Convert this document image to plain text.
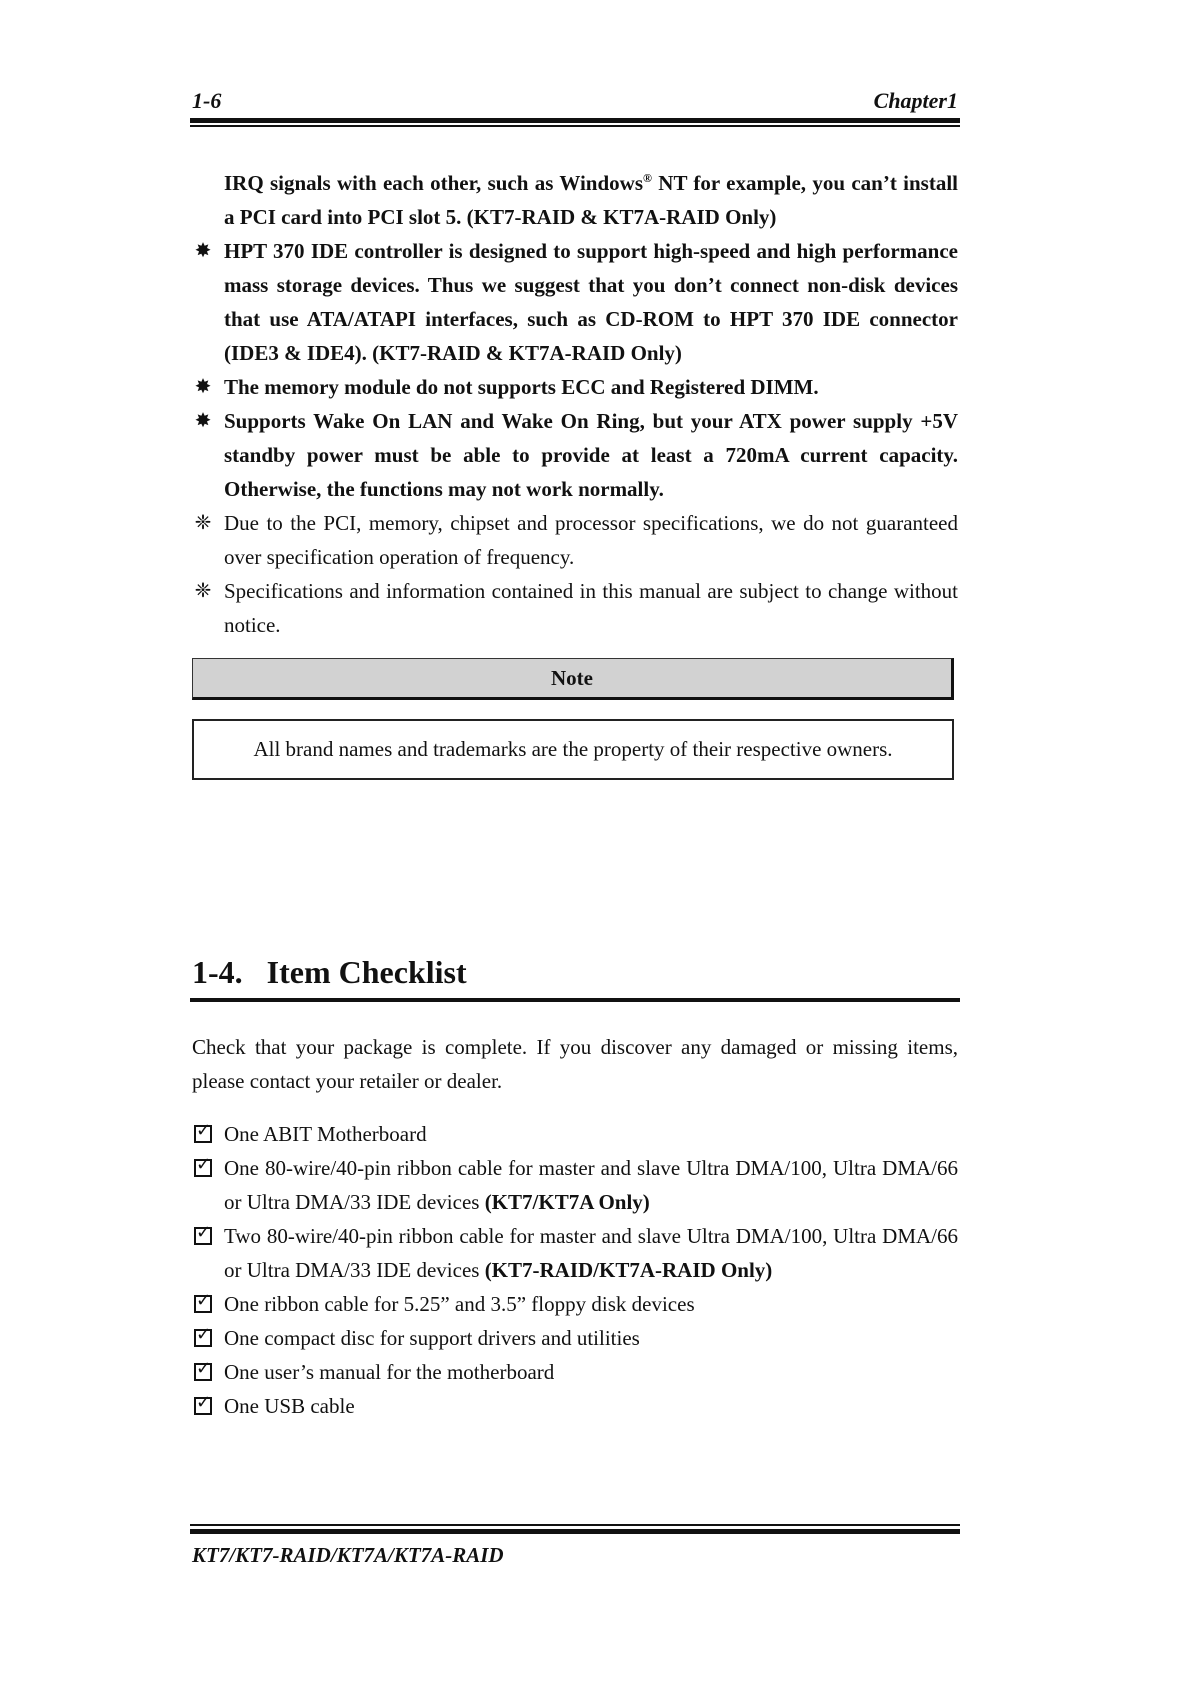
1-6	Chapter1
IRQ signals with each other, such as Windows® NT for example, you can’t install a PCI card into PCI slot 5. (KT7-RAID & KT7A-RAID Only)
✸ HPT 370 IDE controller is designed to support high-speed and high performance mass storage devices. Thus we suggest that you don’t connect non-disk devices that use ATA/ATAPI interfaces, such as CD-ROM to HPT 370 IDE connector (IDE3 & IDE4). (KT7-RAID & KT7A-RAID Only)
✸ The memory module do not supports ECC and Registered DIMM.
✸ Supports Wake On LAN and Wake On Ring, but your ATX power supply +5V standby power must be able to provide at least a 720mA current capacity. Otherwise, the functions may not work normally.
❈ Due to the PCI, memory, chipset and processor specifications, we do not guaranteed over specification operation of frequency.
❈ Specifications and information contained in this manual are subject to change without notice.
Note
All brand names and trademarks are the property of their respective owners.
1-4.   Item Checklist
Check that your package is complete. If you discover any damaged or missing items, please contact your retailer or dealer.
✓ One ABIT Motherboard
✓ One 80-wire/40-pin ribbon cable for master and slave Ultra DMA/100, Ultra DMA/66 or Ultra DMA/33 IDE devices (KT7/KT7A Only)
✓ Two 80-wire/40-pin ribbon cable for master and slave Ultra DMA/100, Ultra DMA/66 or Ultra DMA/33 IDE devices (KT7-RAID/KT7A-RAID Only)
✓ One ribbon cable for 5.25” and 3.5” floppy disk devices
✓ One compact disc for support drivers and utilities
✓ One user’s manual for the motherboard
✓ One USB cable
KT7/KT7-RAID/KT7A/KT7A-RAID
